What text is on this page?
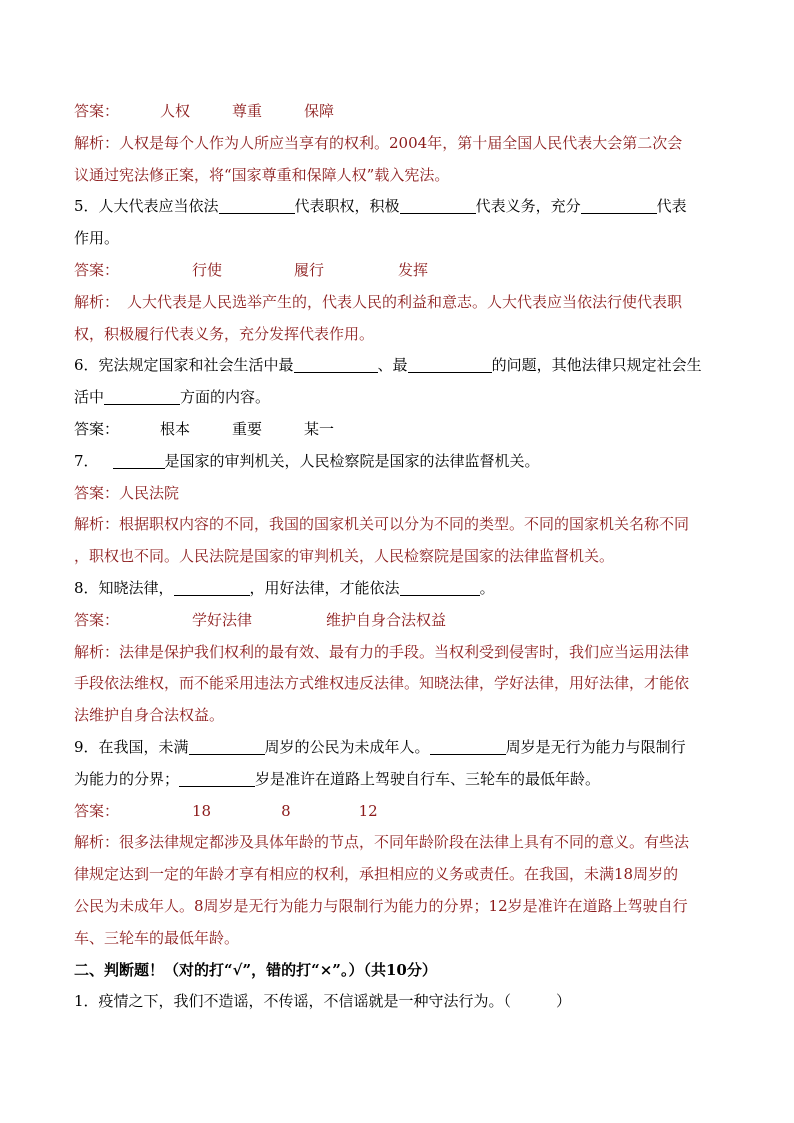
答案：	人权	尊重	保障
解析：人权是每个人作为人所应当享有的权利。2004年，第十届全国人民代表大会第二次会
议通过宪法修正案，将“国家尊重和保障人权”载入宪法。
5．人大代表应当依法	代表职权，积极	代表义务，充分	代表
作用。
答案：	行使	履行	发挥
解析： 人大代表是人民选举产生的，代表人民的利益和意志。人大代表应当依法行使代表职
权，积极履行代表义务，充分发挥代表作用。
6．宪法规定国家和社会生活中最	、最	的问题，其他法律只规定社会生
活中	方面的内容。
答案：	根本	重要	某一
7．	是国家的审判机关，人民检察院是国家的法律监督机关。
答案：人民法院
解析：根据职权内容的不同，我国的国家机关可以分为不同的类型。不同的国家机关名称不同
，职权也不同。人民法院是国家的审判机关，人民检察院是国家的法律监督机关。
8．知晓法律，	，用好法律，才能依法	。
答案：	学好法律	维护自身合法权益
解析：法律是保护我们权利的最有效、最有力的手段。当权利受到侵害时，我们应当运用法律
手段依法维权，而不能采用违法方式维权违反法律。知晓法律，学好法律，用好法律，才能依
法维护自身合法权益。
9．在我国，未满	周岁的公民为未成年人。	周岁是无行为能力与限制行
为能力的分界；	岁是准许在道路上驾驶自行车、三轮车的最低年龄。
答案：	18	8	12
解析：很多法律规定都涉及具体年龄的节点，不同年龄阶段在法律上具有不同的意义。有些法
律规定达到一定的年龄才享有相应的权利，承担相应的义务或责任。在我国，未满18周岁的
公民为未成年人。8周岁是无行为能力与限制行为能力的分界；12岁是准许在道路上驾驶自行
车、三轮车的最低年龄。
二、判断题！（对的打“√”，错的打“×”。）（共10分）
1．疫情之下，我们不造谣，不传谣，不信谣就是一种守法行为。（　　　）
